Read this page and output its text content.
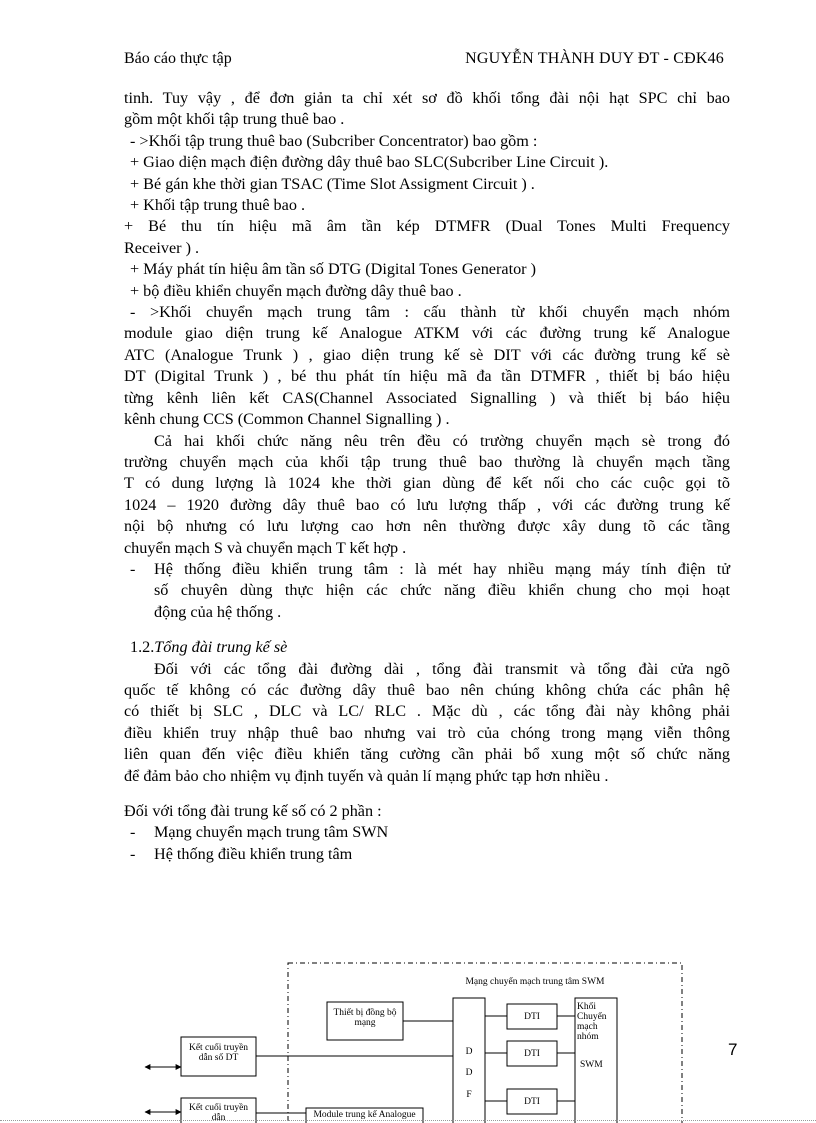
Báo cáo thực tập	NGUYỄN THÀNH DUY ĐT - CĐK46

tinh. Tuy vậy , để đơn giản ta chỉ xét sơ đồ khối tổng đài nội hạt SPC chỉ bao

gồm một khối tập trung thuê bao .

- >Khối tập trung thuê bao (Subcriber Concentrator) bao gồm :

+ Giao diện mạch điện đường dây thuê bao SLC(Subcriber Line Circuit ).

+ Bé gán khe thời gian TSAC (Time Slot Assigment Circuit ) .

+ Khối tập trung thuê bao .

+ Bé thu tín hiệu mã âm tần kép DTMFR (Dual Tones Multi Frequency

Receiver ) .

+ Máy phát tín hiệu âm tần số DTG (Digital Tones Generator )

+ bộ điều khiển chuyển mạch đường dây thuê bao .

- >Khối chuyển mạch trung tâm : cấu thành từ khối chuyển mạch nhóm

module giao diện trung kế Analogue ATKM với các đường trung kế Analogue

ATC (Analogue Trunk ) , giao diện trung kế sè DIT với các đường trung kế sè

DT (Digital Trunk ) , bé thu phát tín hiệu mã đa tần DTMFR , thiết bị báo hiệu

từng kênh liên kết CAS(Channel Associated Signalling ) và thiết bị báo hiệu

kênh chung CCS (Common Channel Signalling ) .

Cả hai khối chức năng nêu trên đều có trường chuyển mạch sè trong đó

trường chuyển mạch của khối tập trung thuê bao thường là chuyển mạch tầng

T có dung lượng là 1024 khe thời gian dùng để kết nối cho các cuộc gọi tõ

1024 – 1920 đường dây thuê bao có lưu lượng thấp , với các đường trung kế

nội bộ nhưng có lưu lượng cao hơn nên thường được xây dung tõ các tầng

chuyển mạch S và chuyển mạch T kết hợp .

- Hệ thống điều khiển trung tâm : là mét hay nhiều mạng máy tính điện tử

số chuyên dùng thực hiện các chức năng điều khiển chung cho mọi hoạt

động của hệ thống .

1.2.Tổng đài trung kế sè

Đối với các tổng đài đường dài , tổng đài transmit và tổng đài cửa ngõ

quốc tế không có các đường dây thuê bao nên chúng không chứa các phân hệ

có thiết bị SLC , DLC và LC/ RLC . Mặc dù , các tổng đài này không phải

điều khiển truy nhập thuê bao nhưng vai trò của chóng trong mạng viễn thông

liên quan đến việc điều khiển tăng cường cần phải bổ xung một số chức năng

để đảm bảo cho nhiệm vụ định tuyến và quản lí mạng phức tạp hơn nhiều .

Đối với tổng đài trung kế số có 2 phần :

- Mạng chuyển mạch trung tâm SWN

- Hệ thống điều khiển trung tâm

Mạng chuyển mạch trung tâm SWM
Thiết bị đồng bộ mạng
Kết cuối truyền dẫn số DT
Kết cuối truyền dẫn	Module trung kế Analogue
D
D
F
DTI
DTI
DTI
Khối Chuyển mạch nhóm
SWM
7
